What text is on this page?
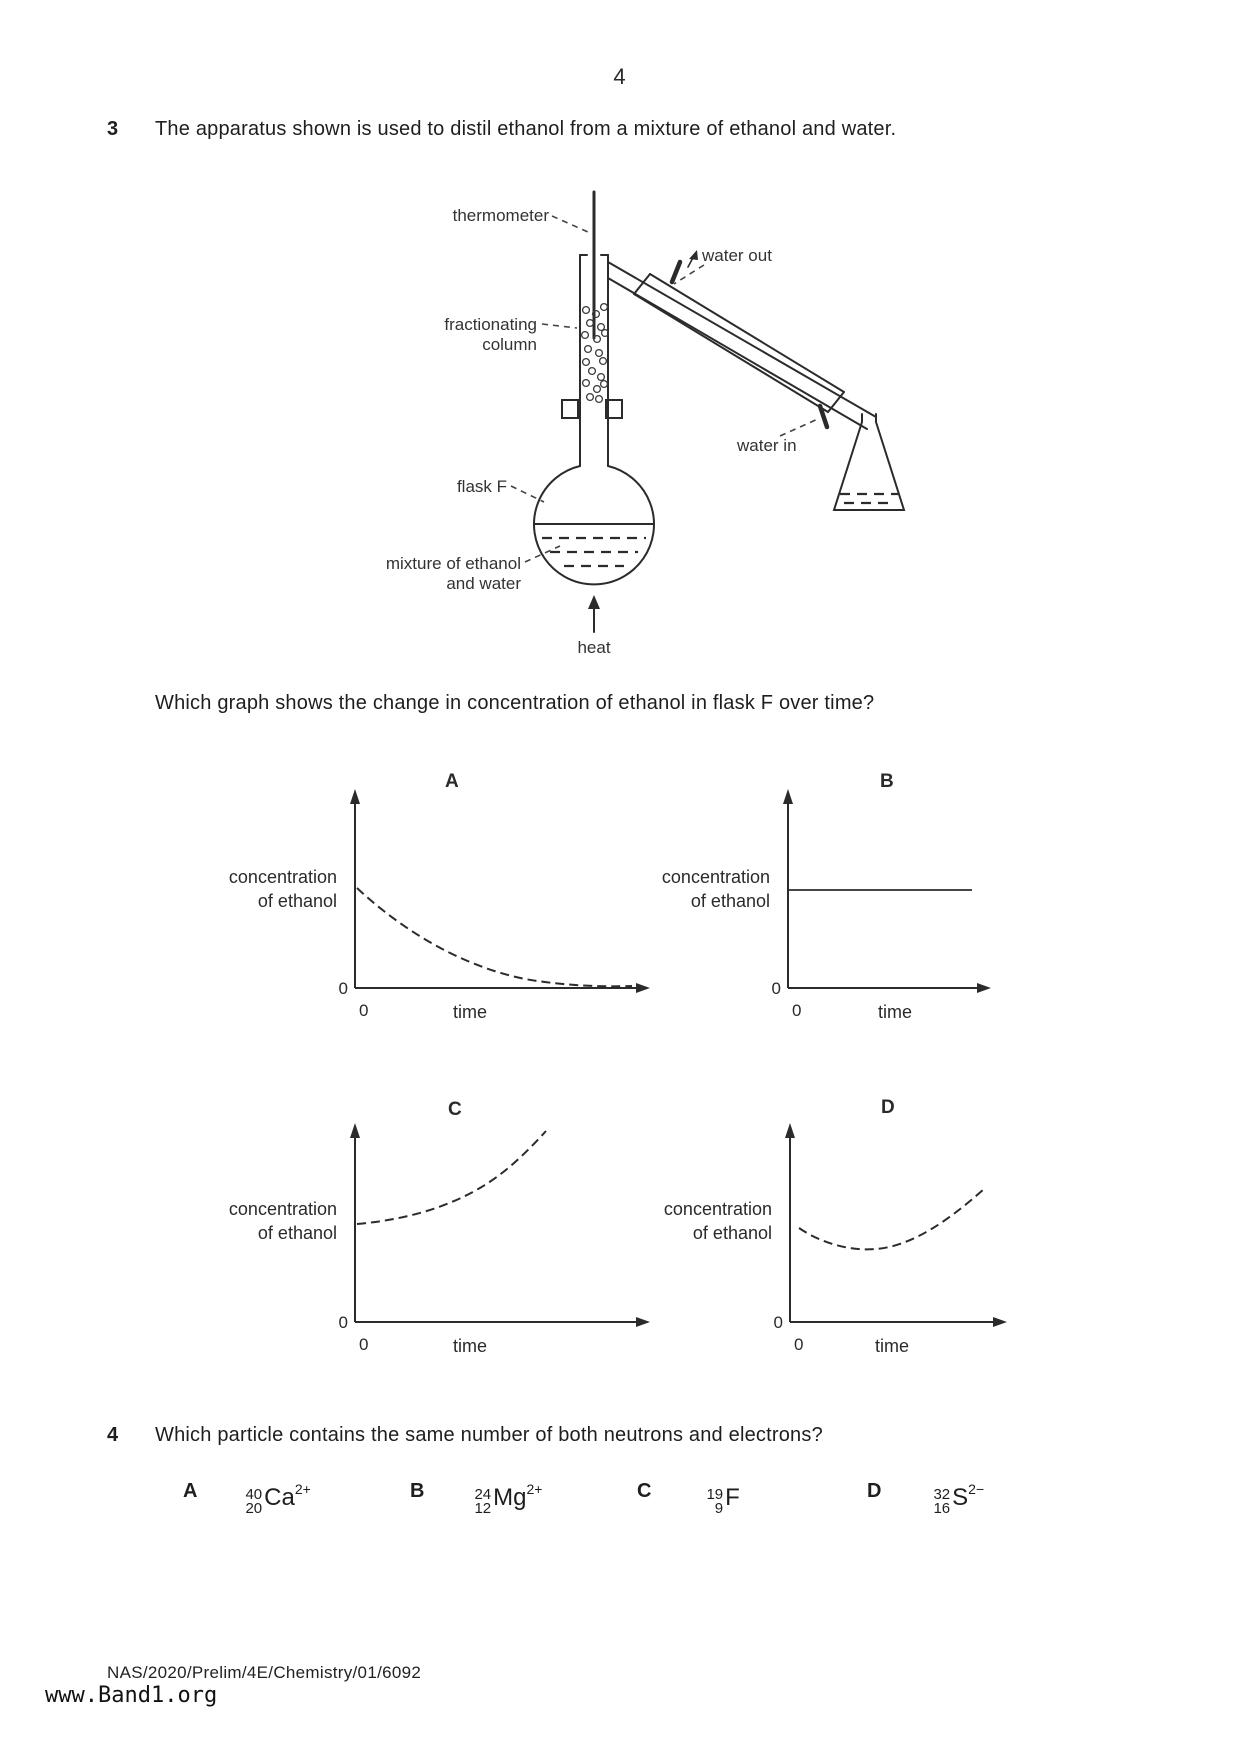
4
3	The apparatus shown is used to distil ethanol from a mixture of ethanol and water.
thermometer
water out
fractionating
column
flask F
mixture of ethanol
and water
water in
heat
Which graph shows the change in concentration of ethanol in flask F over time?
A
concentration
of ethanol
0
0	time
B
concentration
of ethanol
0
0	time
C
concentration
of ethanol
0
0	time
D
concentration
of ethanol
0
0	time
4	Which particle contains the same number of both neutrons and electrons?
A	40
20 $Ca^{2+}$	B	24
12 $Mg^{2+}$	C	19
9 F	D	32
16 $S^{2-}$
NAS/2020/Prelim/4E/Chemistry/01/6092
www.Band1.org
